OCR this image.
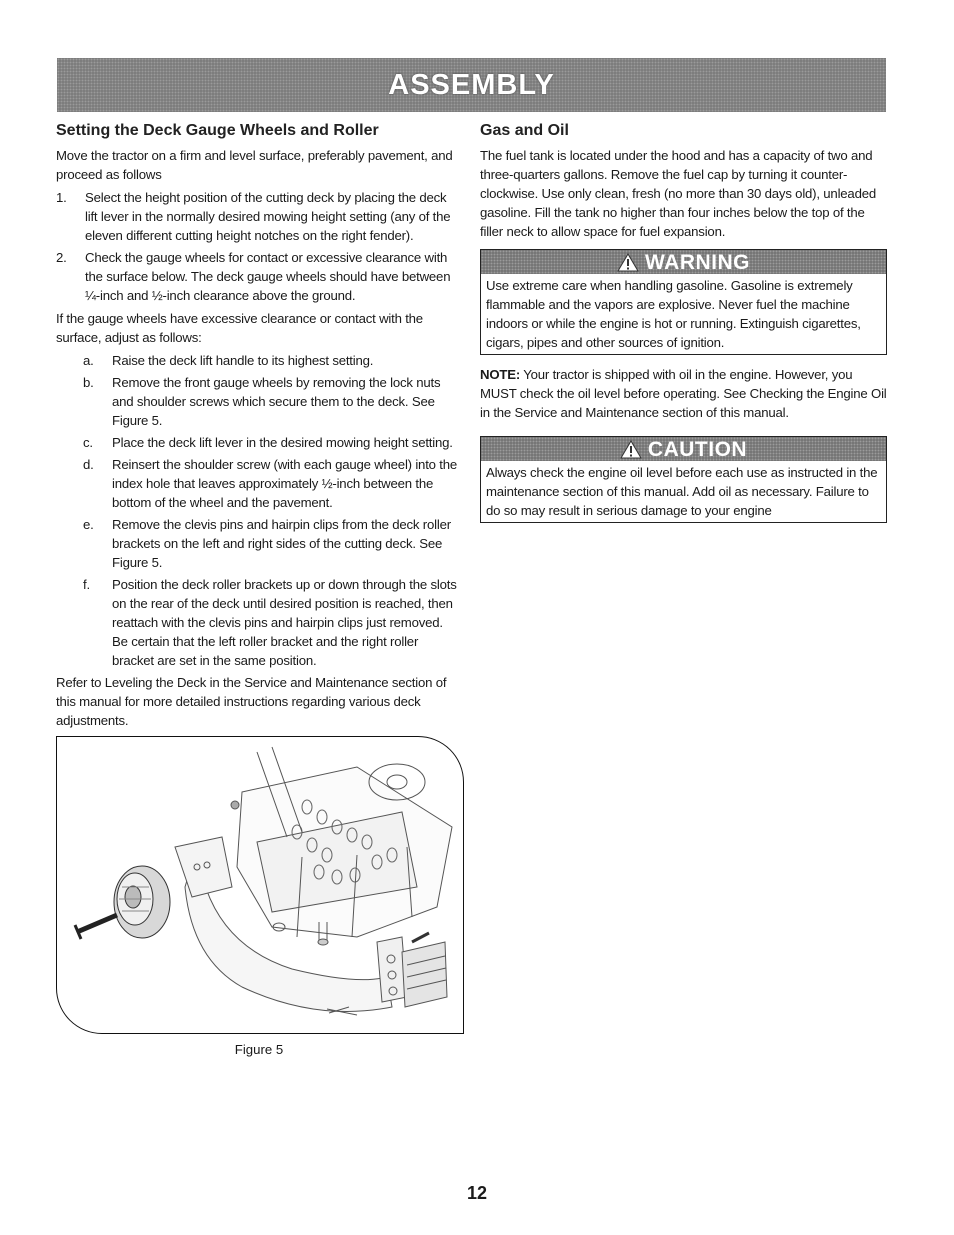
ASSEMBLY
Setting the Deck Gauge Wheels and Roller

Move the tractor on a firm and level surface, preferably pavement, and proceed as follows

1.	Select the height position of the cutting deck by placing the deck lift lever in the normally desired mowing height setting (any of the eleven different cutting height notches on the right fender).
2.	Check the gauge wheels for contact or excessive clearance with the surface below. The deck gauge wheels should have between ¼-inch and ½-inch clearance above the ground.

If the gauge wheels have excessive clearance or contact with the surface, adjust as follows:

a.	Raise the deck lift handle to its highest setting.
b.	Remove the front gauge wheels by removing the lock nuts and shoulder screws which secure them to the deck. See Figure 5.
c.	Place the deck lift lever in the desired mowing height setting.
d.	Reinsert the shoulder screw (with each gauge wheel) into the index hole that leaves approximately ½-inch between the bottom of the wheel and the pavement.
e.	Remove the clevis pins and hairpin clips from the deck roller brackets on the left and right sides of the cutting deck. See Figure 5.
f.	Position the deck roller brackets up or down through the slots on the rear of the deck until desired position is reached, then reattach with the clevis pins and hairpin clips just removed. Be certain that the left roller bracket and the right roller bracket are set in the same position.

Refer to Leveling the Deck in the Service and Maintenance section of this manual for more detailed instructions regarding various deck adjustments.

Figure 5
Gas and Oil

The fuel tank is located under the hood and has a capacity of two and three-quarters gallons. Remove the fuel cap by turning it counter-clockwise. Use only clean, fresh (no more than 30 days old), unleaded gasoline. Fill the tank no higher than four inches below the top of the filler neck to allow space for fuel expansion.

WARNING
Use extreme care when handling gasoline. Gasoline is extremely flammable and the vapors are explosive. Never fuel the machine indoors or while the engine is hot or running. Extinguish cigarettes, cigars, pipes and other sources of ignition.

NOTE: Your tractor is shipped with oil in the engine. However, you MUST check the oil level before operating. See Checking the Engine Oil in the Service and Maintenance section of this manual.

CAUTION
Always check the engine oil level before each use as instructed in the maintenance section of this manual. Add oil as necessary. Failure to do so may result in serious damage to your engine
12
